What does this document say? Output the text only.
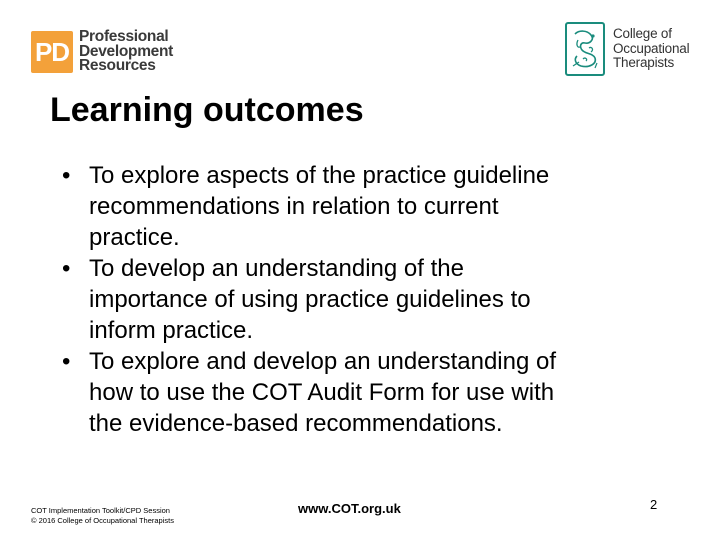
PD
Professional
Development
Resources
College of
Occupational
Therapists
Learning outcomes
• To explore aspects of the practice guideline
recommendations in relation to current
practice.
• To develop an understanding of the
importance of using practice guidelines to
inform practice.
• To explore and develop an understanding of
how to use the COT Audit Form for use with
the evidence-based recommendations.
COT Implementation Toolkit/CPD Session
© 2016 College of Occupational Therapists
www.COT.org.uk	2
